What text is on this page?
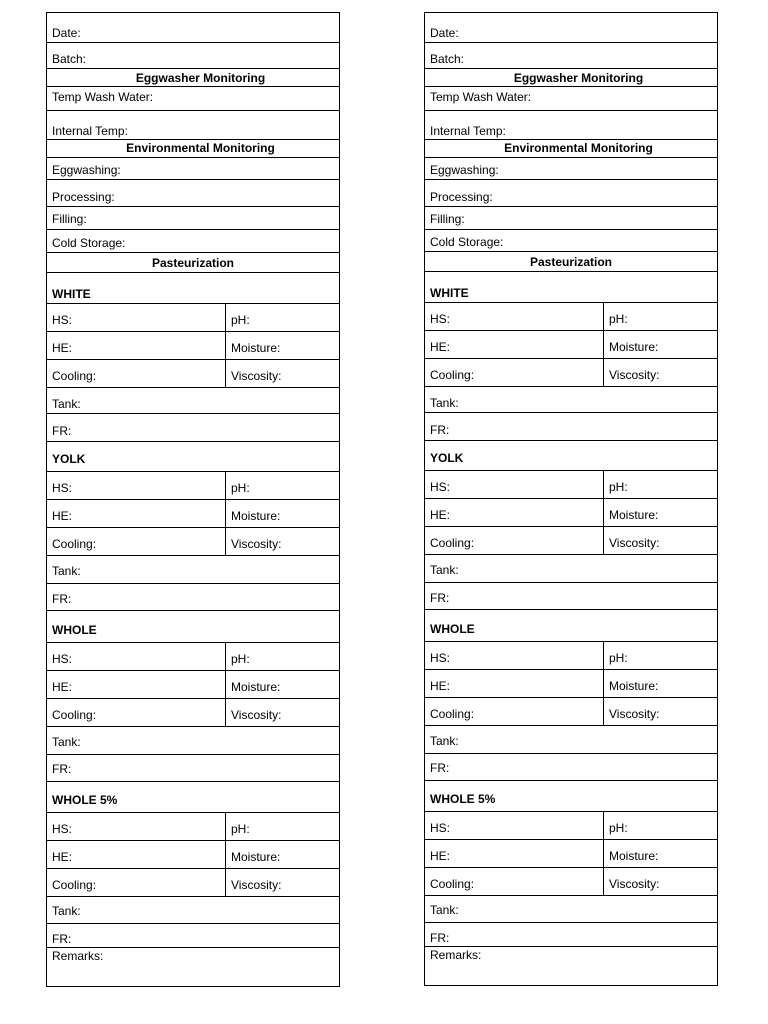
Date:
Batch:
Eggwasher Monitoring
Temp Wash Water:
Internal Temp:
Environmental Monitoring
Eggwashing:
Processing:
Filling:
Cold Storage:
Pasteurization
WHITE
HS:	pH:
HE:	Moisture:
Cooling:	Viscosity:
Tank:
FR:
YOLK
HS:	pH:
HE:	Moisture:
Cooling:	Viscosity:
Tank:
FR:
WHOLE
HS:	pH:
HE:	Moisture:
Cooling:	Viscosity:
Tank:
FR:
WHOLE 5%
HS:	pH:
HE:	Moisture:
Cooling:	Viscosity:
Tank:
FR:
Remarks:
Date:
Batch:
Eggwasher Monitoring
Temp Wash Water:
Internal Temp:
Environmental Monitoring
Eggwashing:
Processing:
Filling:
Cold Storage:
Pasteurization
WHITE
HS:	pH:
HE:	Moisture:
Cooling:	Viscosity:
Tank:
FR:
YOLK
HS:	pH:
HE:	Moisture:
Cooling:	Viscosity:
Tank:
FR:
WHOLE
HS:	pH:
HE:	Moisture:
Cooling:	Viscosity:
Tank:
FR:
WHOLE 5%
HS:	pH:
HE:	Moisture:
Cooling:	Viscosity:
Tank:
FR:
Remarks:
